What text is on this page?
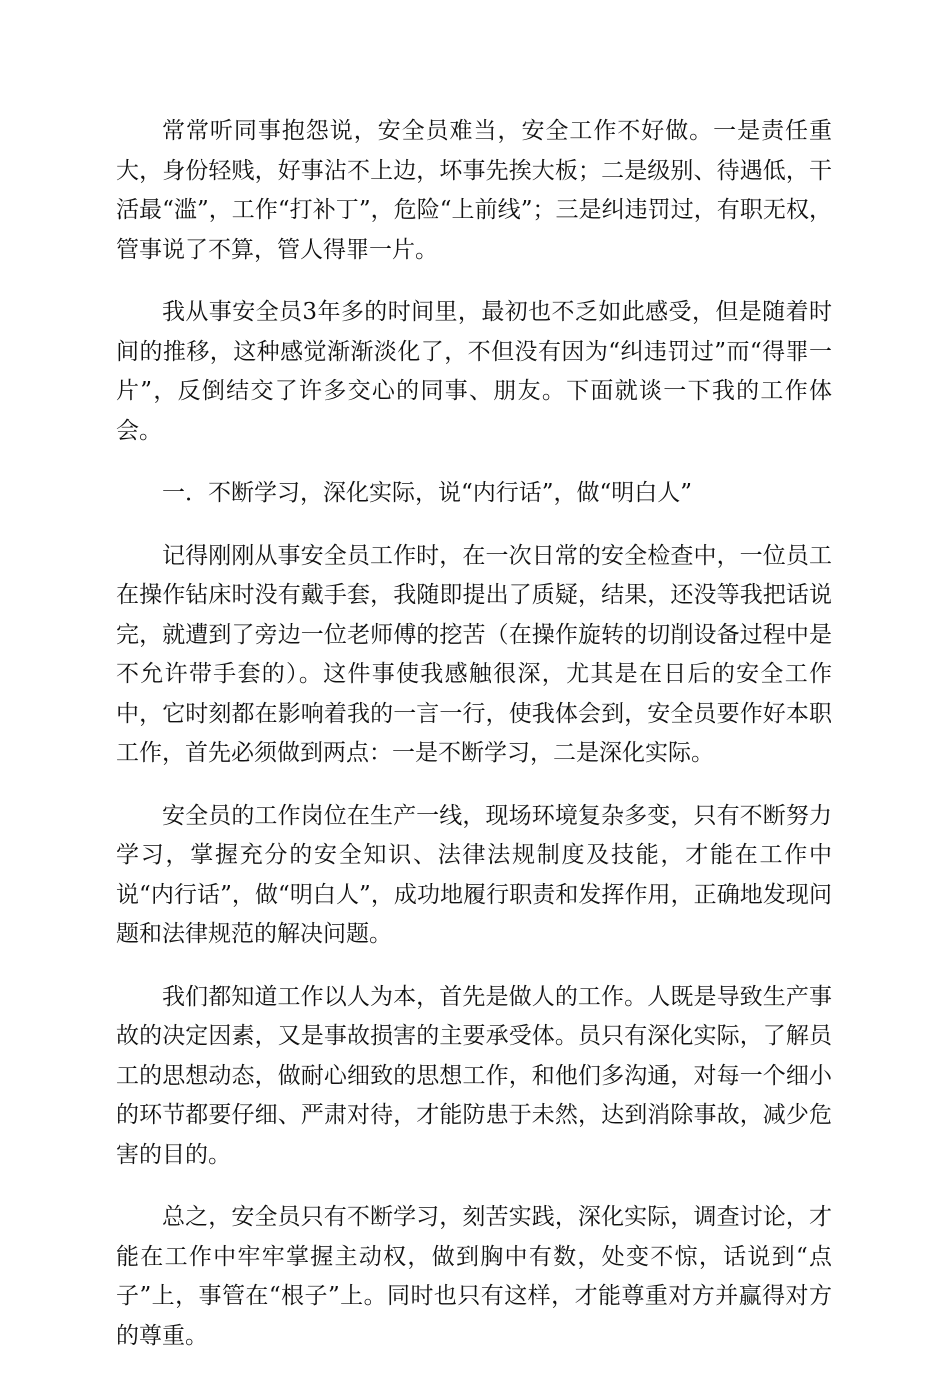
常常听同事抱怨说，安全员难当，安全工作不好做。一是责任重大，身份轻贱，好事沾不上边，坏事先挨大板；二是级别、待遇低，干活最“滥”，工作“打补丁”，危险“上前线”；三是纠违罚过，有职无权，管事说了不算，管人得罪一片。

我从事安全员3年多的时间里，最初也不乏如此感受，但是随着时间的推移，这种感觉渐渐淡化了，不但没有因为“纠违罚过”而“得罪一片”，反倒结交了许多交心的同事、朋友。下面就谈一下我的工作体会。

一．不断学习，深化实际，说“内行话”，做“明白人”

记得刚刚从事安全员工作时，在一次日常的安全检查中，一位员工在操作钻床时没有戴手套，我随即提出了质疑，结果，还没等我把话说完，就遭到了旁边一位老师傅的挖苦（在操作旋转的切削设备过程中是不允许带手套的）。这件事使我感触很深，尤其是在日后的安全工作中，它时刻都在影响着我的一言一行，使我体会到，安全员要作好本职工作，首先必须做到两点：一是不断学习，二是深化实际。

安全员的工作岗位在生产一线，现场环境复杂多变，只有不断努力学习，掌握充分的安全知识、法律法规制度及技能，才能在工作中说“内行话”，做“明白人”，成功地履行职责和发挥作用，正确地发现问题和法律规范的解决问题。

我们都知道工作以人为本，首先是做人的工作。人既是导致生产事故的决定因素，又是事故损害的主要承受体。员只有深化实际，了解员工的思想动态，做耐心细致的思想工作，和他们多沟通，对每一个细小的环节都要仔细、严肃对待，才能防患于未然，达到消除事故，减少危害的目的。

总之，安全员只有不断学习，刻苦实践，深化实际，调查讨论，才能在工作中牢牢掌握主动权，做到胸中有数，处变不惊，话说到“点子”上，事管在“根子”上。同时也只有这样，才能尊重对方并赢得对方的尊重。
